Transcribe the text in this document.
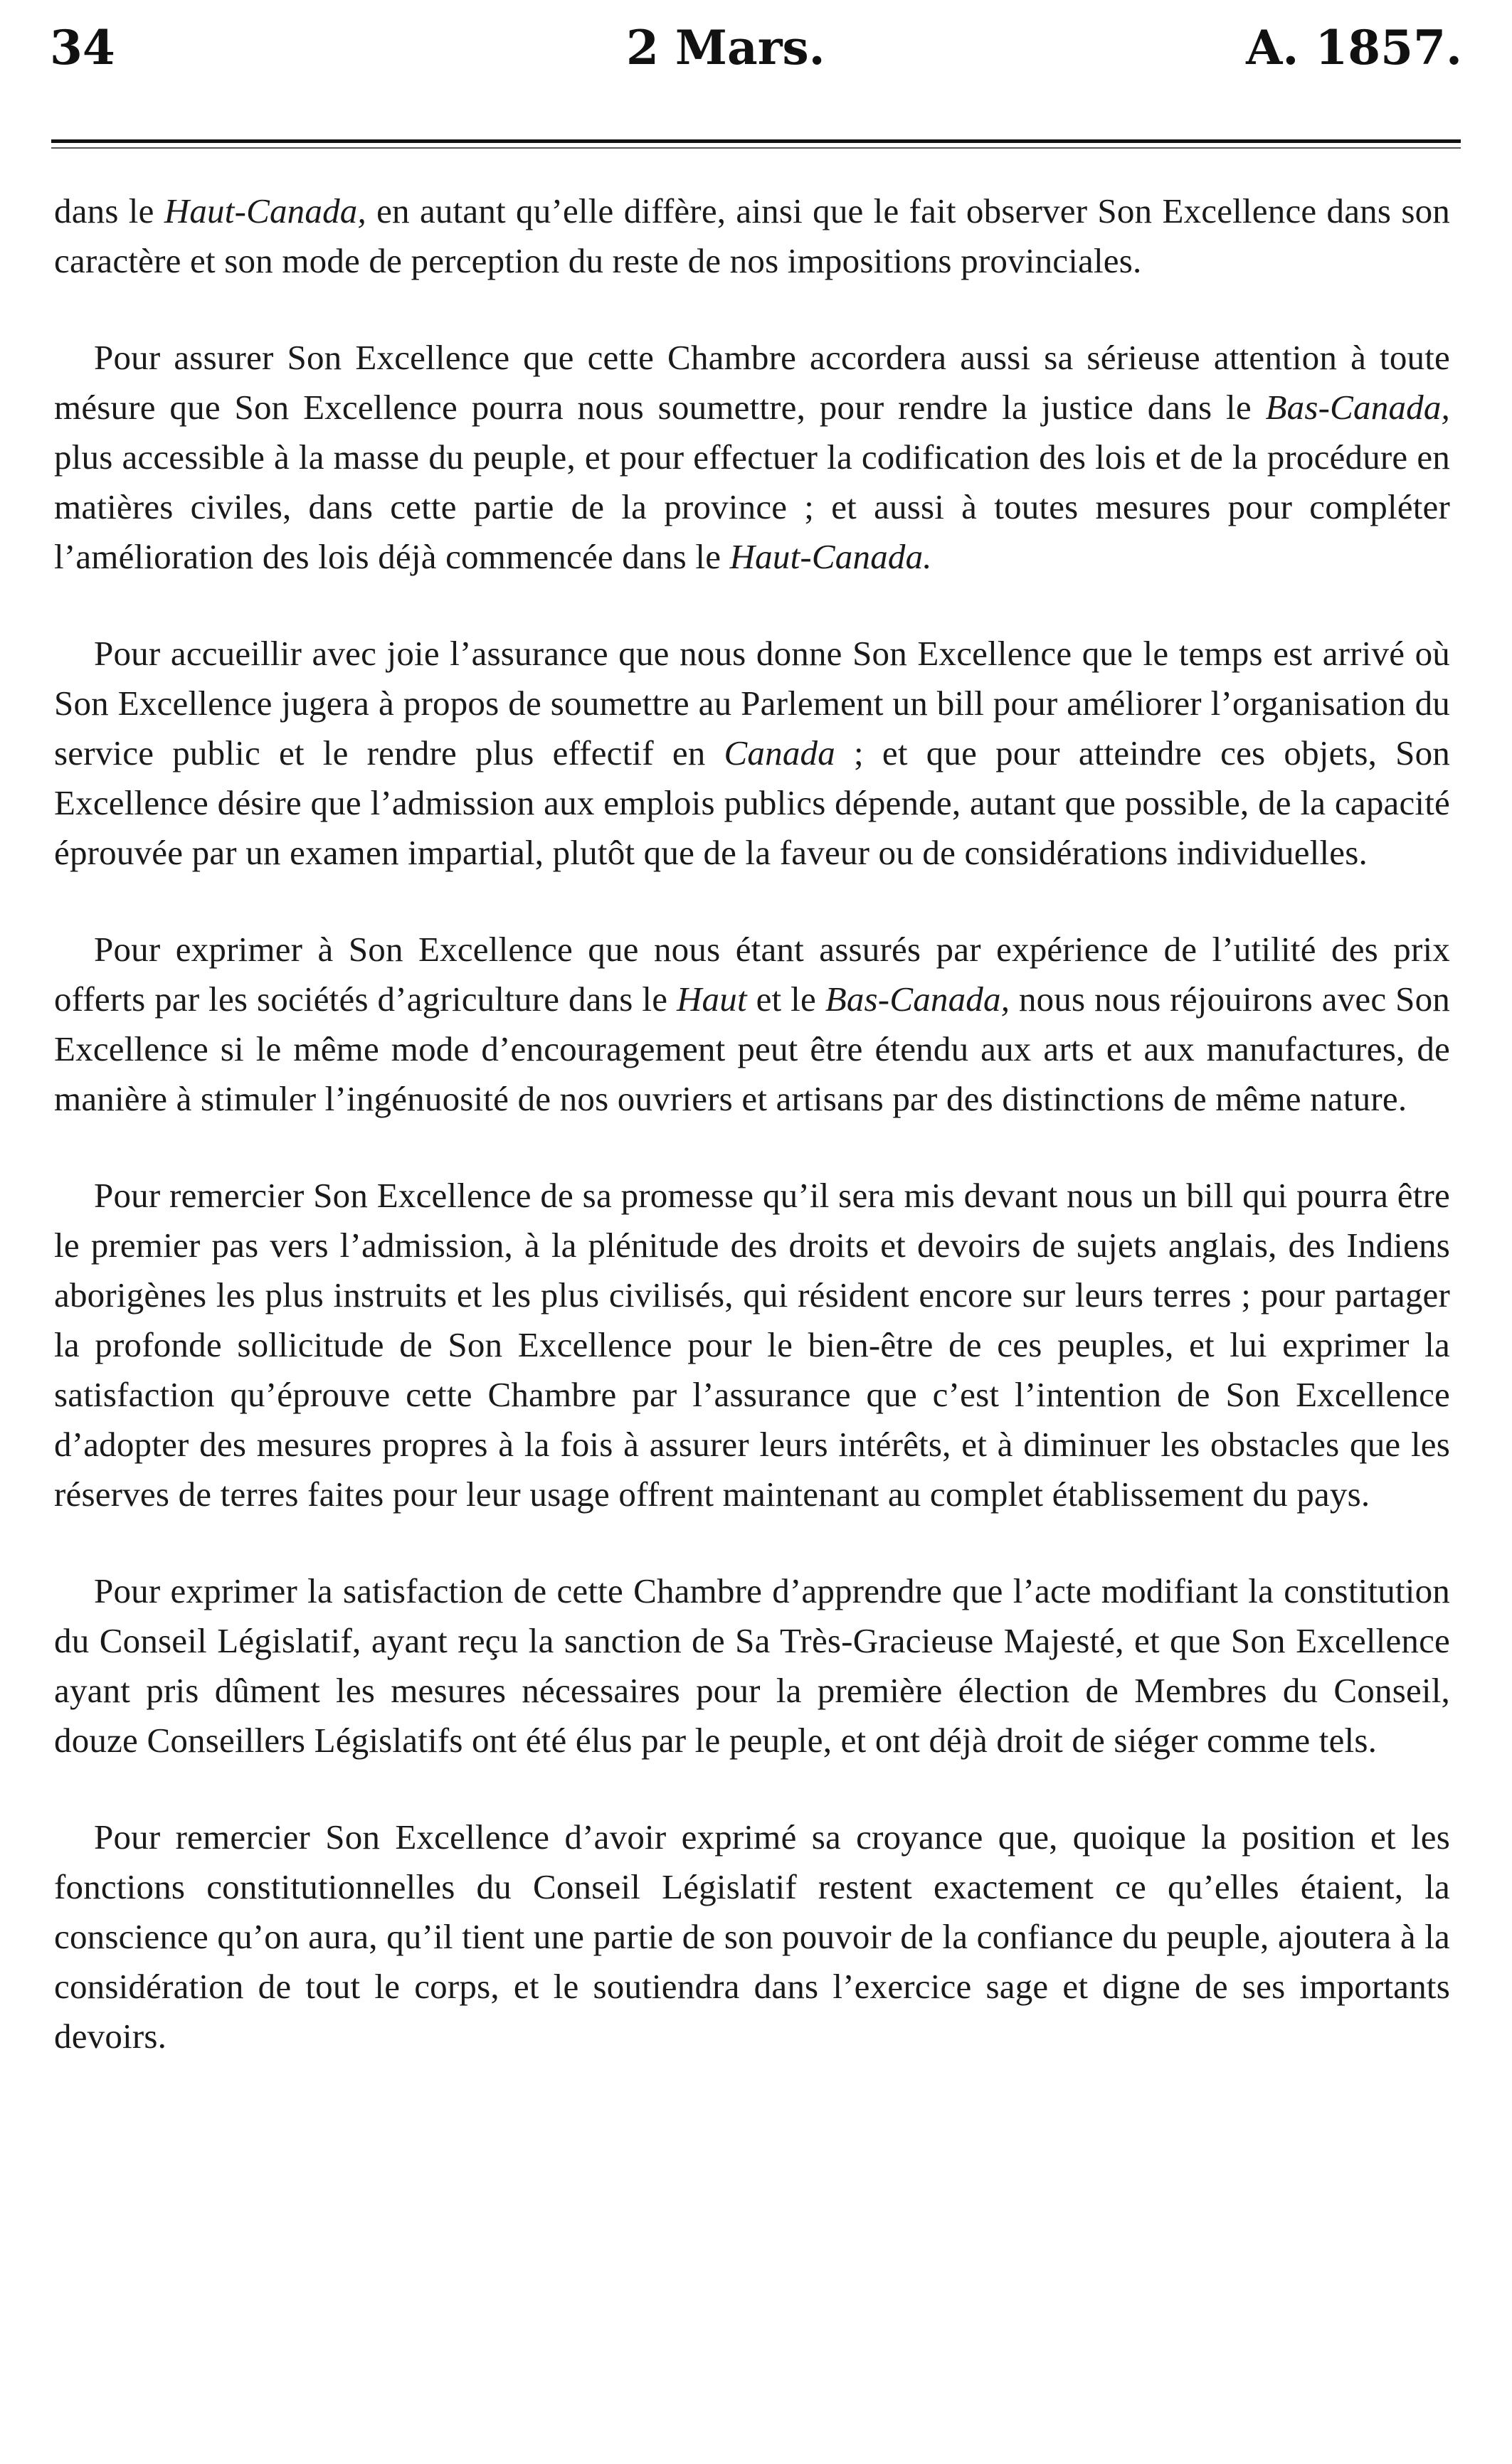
34	2 Mars.	A. 1857.

dans le Haut-Canada, en autant qu’elle diffère, ainsi que le fait observer Son Excellence dans son caractère et son mode de perception du reste de nos impositions provinciales.

Pour assurer Son Excellence que cette Chambre accordera aussi sa sérieuse attention à toute mésure que Son Excellence pourra nous soumettre, pour rendre la justice dans le Bas-Canada, plus accessible à la masse du peuple, et pour effectuer la codification des lois et de la procédure en matières civiles, dans cette partie de la province ; et aussi à toutes mesures pour compléter l’amélioration des lois déjà commencée dans le Haut-Canada.

Pour accueillir avec joie l’assurance que nous donne Son Excellence que le temps est arrivé où Son Excellence jugera à propos de soumettre au Parlement un bill pour améliorer l’organisation du service public et le rendre plus effectif en Canada ; et que pour atteindre ces objets, Son Excellence désire que l’admission aux emplois publics dépende, autant que possible, de la capacité éprouvée par un examen impartial, plutôt que de la faveur ou de considérations individuelles.

Pour exprimer à Son Excellence que nous étant assurés par expérience de l’utilité des prix offerts par les sociétés d’agriculture dans le Haut et le Bas-Canada, nous nous réjouirons avec Son Excellence si le même mode d’encouragement peut être étendu aux arts et aux manufactures, de manière à stimuler l’ingénuosité de nos ouvriers et artisans par des distinctions de même nature.

Pour remercier Son Excellence de sa promesse qu’il sera mis devant nous un bill qui pourra être le premier pas vers l’admission, à la plénitude des droits et devoirs de sujets anglais, des Indiens aborigènes les plus instruits et les plus civilisés, qui résident encore sur leurs terres ; pour partager la profonde sollicitude de Son Excellence pour le bien-être de ces peuples, et lui exprimer la satisfaction qu’éprouve cette Chambre par l’assurance que c’est l’intention de Son Excellence d’adopter des mesures propres à la fois à assurer leurs intérêts, et à diminuer les obstacles que les réserves de terres faites pour leur usage offrent maintenant au complet établissement du pays.

Pour exprimer la satisfaction de cette Chambre d’apprendre que l’acte modifiant la constitution du Conseil Législatif, ayant reçu la sanction de Sa Très-Gracieuse Majesté, et que Son Excellence ayant pris dûment les mesures nécessaires pour la première élection de Membres du Conseil, douze Conseillers Législatifs ont été élus par le peuple, et ont déjà droit de siéger comme tels.

Pour remercier Son Excellence d’avoir exprimé sa croyance que, quoique la position et les fonctions constitutionnelles du Conseil Législatif restent exactement ce qu’elles étaient, la conscience qu’on aura, qu’il tient une partie de son pouvoir de la confiance du peuple, ajoutera à la considération de tout le corps, et le soutiendra dans l’exercice sage et digne de ses importants devoirs.
